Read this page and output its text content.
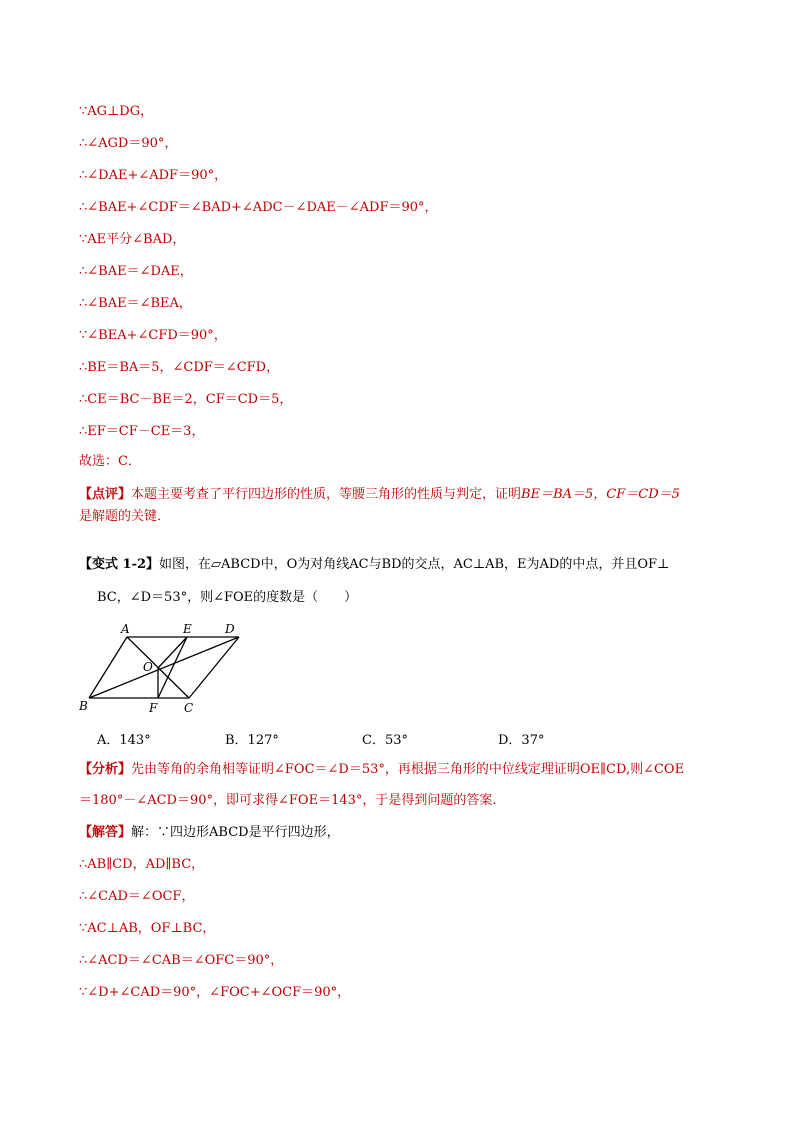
∵AG⊥DG，
∴∠AGD＝90°，
∴∠DAE+∠ADF＝90°，
∴∠BAE+∠CDF＝∠BAD+∠ADC－∠DAE－∠ADF＝90°，
∵AE平分∠BAD，
∴∠BAE＝∠DAE，
∴∠BAE＝∠BEA，
∵∠BEA+∠CFD＝90°，
∴BE＝BA＝5，∠CDF＝∠CFD，
∴CE＝BC－BE＝2，CF＝CD＝5，
∴EF＝CF－CE＝3，
故选：C．
【点评】本题主要考查了平行四边形的性质，等腰三角形的性质与判定，证明BE＝BA＝5，CF＝CD＝5
是解题的关键．
【变式 1-2】如图，在▱ABCD中，O为对角线AC与BD的交点，AC⊥AB，E为AD的中点，并且OF⊥
BC，∠D＝53°，则∠FOE的度数是（　　）
A	E	D
O
B	F C
A．143°	B．127°	C．53°	D．37°
【分析】先由等角的余角相等证明∠FOC＝∠D＝53°，再根据三角形的中位线定理证明OE∥CD,则∠COE
＝180°－∠ACD＝90°，即可求得∠FOE＝143°，于是得到问题的答案.
【解答】解：∵四边形ABCD是平行四边形，
∴AB∥CD，AD∥BC，
∴∠CAD＝∠OCF，
∵AC⊥AB，OF⊥BC，
∴∠ACD＝∠CAB＝∠OFC＝90°，
∵∠D+∠CAD＝90°，∠FOC+∠OCF＝90°，
